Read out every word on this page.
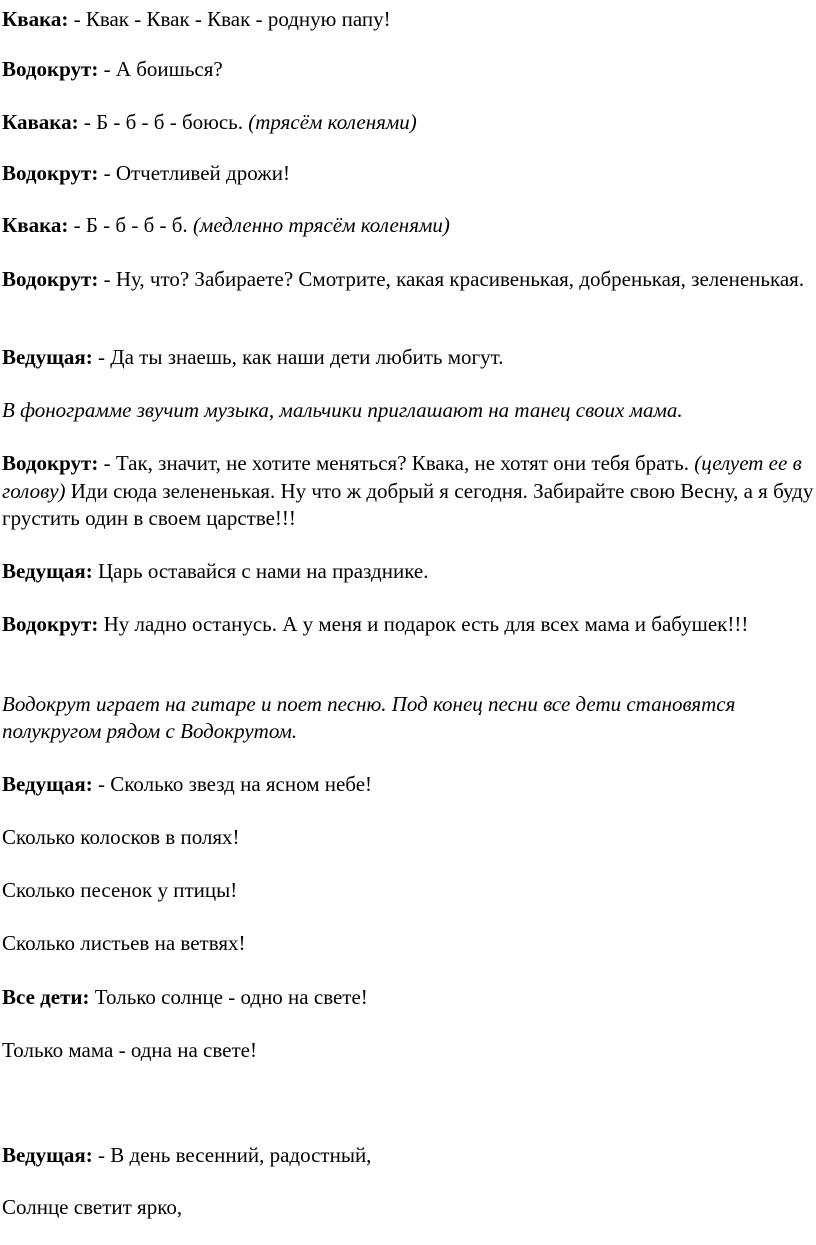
Квака: - Квак - Квак - Квак - родную папу!

Водокрут: - А боишься?

Кавака: - Б - б - б - боюсь. (трясём коленями)

Водокрут: - Отчетливей дрожи!

Квака: - Б - б - б - б. (медленно трясём коленями)

Водокрут: - Ну, что? Забираете? Смотрите, какая красивенькая, добренькая, зелененькая.

Ведущая: - Да ты знаешь, как наши дети любить могут.

В фонограмме звучит музыка, мальчики приглашают на танец своих мама.

Водокрут: - Так, значит, не хотите меняться? Квака, не хотят они тебя брать. (целует ее в голову) Иди сюда зелененькая. Ну что ж добрый я сегодня. Забирайте свою Весну, а я буду грустить один в своем царстве!!!

Ведущая: Царь оставайся с нами на празднике.

Водокрут: Ну ладно останусь. А у меня и подарок есть для всех мама и бабушек!!!

Водокрут играет на гитаре и поет песню. Под конец песни все дети становятся полукругом рядом с Водокрутом.

Ведущая: - Сколько звезд на ясном небе!

Сколько колосков в полях!

Сколько песенок у птицы!

Сколько листьев на ветвях!

Все дети: Только солнце - одно на свете!

Только мама - одна на свете!

Ведущая: - В день весенний, радостный,

Солнце светит ярко,
